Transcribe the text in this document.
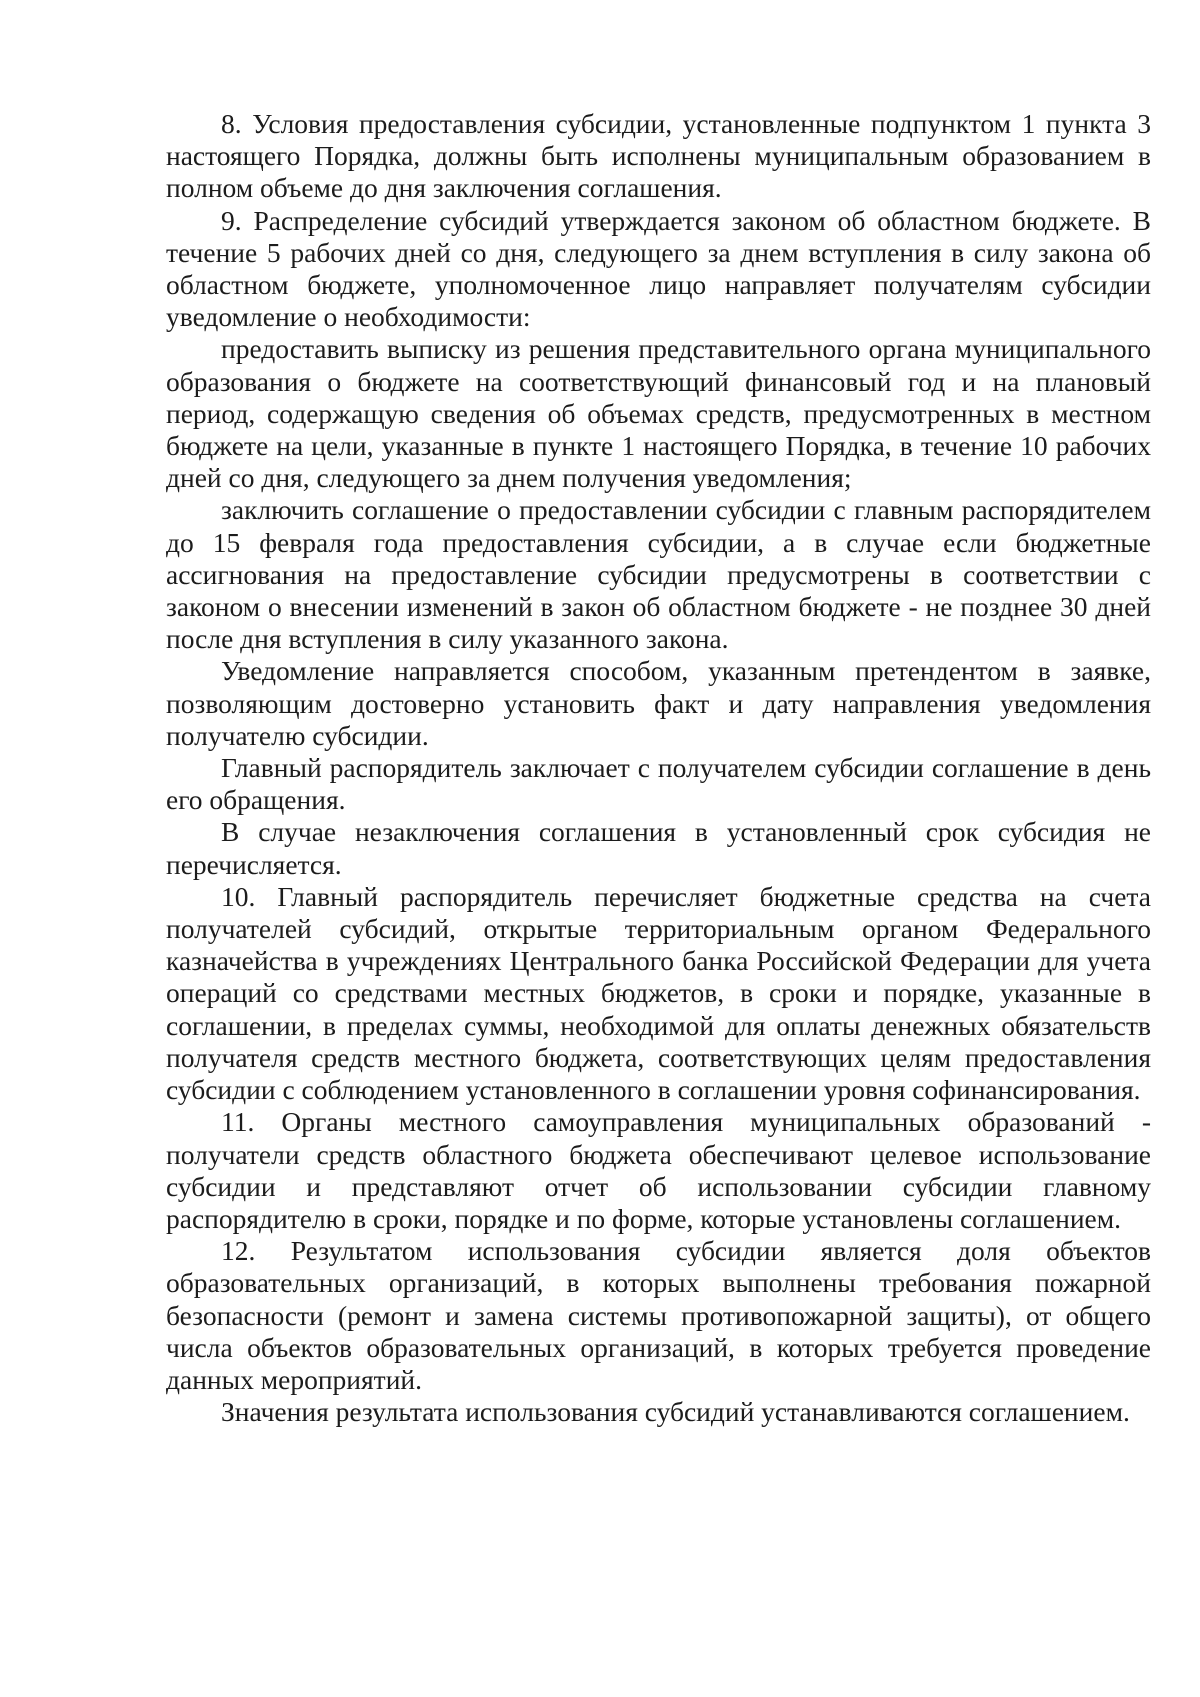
8. Условия предоставления субсидии, установленные подпунктом 1 пункта 3 настоящего Порядка, должны быть исполнены муниципальным образованием в полном объеме до дня заключения соглашения.

9. Распределение субсидий утверждается законом об областном бюджете. В течение 5 рабочих дней со дня, следующего за днем вступления в силу закона об областном бюджете, уполномоченное лицо направляет получателям субсидии уведомление о необходимости:

предоставить выписку из решения представительного органа муниципального образования о бюджете на соответствующий финансовый год и на плановый период, содержащую сведения об объемах средств, предусмотренных в местном бюджете на цели, указанные в пункте 1 настоящего Порядка, в течение 10 рабочих дней со дня, следующего за днем получения уведомления;

заключить соглашение о предоставлении субсидии с главным распорядителем до 15 февраля года предоставления субсидии, а в случае если бюджетные ассигнования на предоставление субсидии предусмотрены в соответствии с законом о внесении изменений в закон об областном бюджете - не позднее 30 дней после дня вступления в силу указанного закона.

Уведомление направляется способом, указанным претендентом в заявке, позволяющим достоверно установить факт и дату направления уведомления получателю субсидии.

Главный распорядитель заключает с получателем субсидии соглашение в день его обращения.

В случае незаключения соглашения в установленный срок субсидия не перечисляется.

10. Главный распорядитель перечисляет бюджетные средства на счета получателей субсидий, открытые территориальным органом Федерального казначейства в учреждениях Центрального банка Российской Федерации для учета операций со средствами местных бюджетов, в сроки и порядке, указанные в соглашении, в пределах суммы, необходимой для оплаты денежных обязательств получателя средств местного бюджета, соответствующих целям предоставления субсидии с соблюдением установленного в соглашении уровня софинансирования.

11. Органы местного самоуправления муниципальных образований - получатели средств областного бюджета обеспечивают целевое использование субсидии и представляют отчет об использовании субсидии главному распорядителю в сроки, порядке и по форме, которые установлены соглашением.

12. Результатом использования субсидии является доля объектов образовательных организаций, в которых выполнены требования пожарной безопасности (ремонт и замена системы противопожарной защиты), от общего числа объектов образовательных организаций, в которых требуется проведение данных мероприятий.

Значения результата использования субсидий устанавливаются соглашением.
